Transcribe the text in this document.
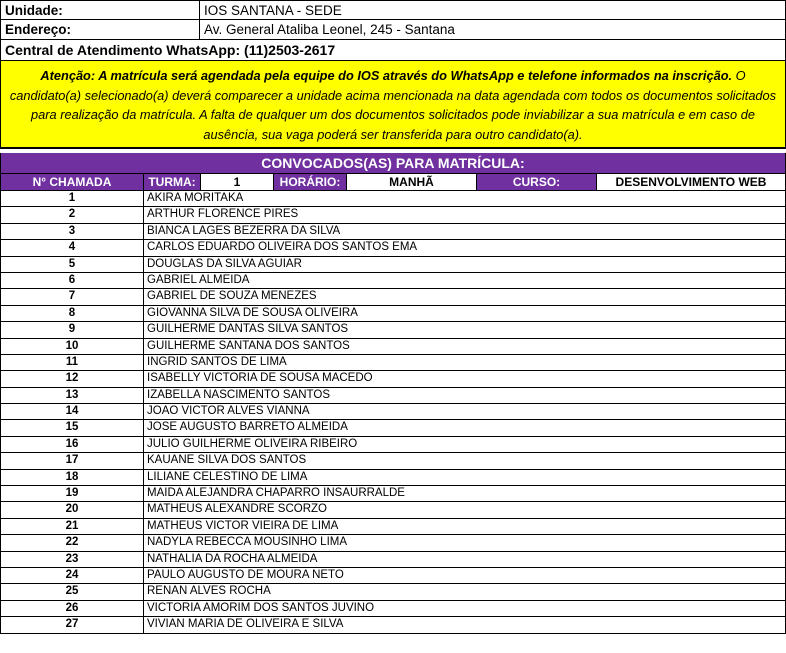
Unidade:	IOS SANTANA - SEDE
Endereço:	Av. General Ataliba Leonel, 245 - Santana
Central de Atendimento WhatsApp: (11)2503-2617
Atenção: A matrícula será agendada pela equipe do IOS através do WhatsApp e telefone informados na inscrição. O candidato(a) selecionado(a) deverá comparecer a unidade acima mencionada na data agendada com todos os documentos solicitados para realização da matrícula. A falta de qualquer um dos documentos solicitados pode inviabilizar a sua matrícula e em caso de ausência, sua vaga poderá ser transferida para outro candidato(a).
CONVOCADOS(AS) PARA MATRÍCULA:
N° CHAMADA	TURMA:	1	HORÁRIO:	MANHÃ	CURSO:	DESENVOLVIMENTO WEB
1	AKIRA MORITAKA
2	ARTHUR FLORENCE PIRES
3	BIANCA LAGES BEZERRA DA SILVA
4	CARLOS EDUARDO OLIVEIRA DOS SANTOS EMA
5	DOUGLAS DA SILVA AGUIAR
6	GABRIEL ALMEIDA
7	GABRIEL DE SOUZA MENEZES
8	GIOVANNA SILVA DE SOUSA OLIVEIRA
9	GUILHERME DANTAS SILVA SANTOS
10	GUILHERME SANTANA DOS SANTOS
11	INGRID SANTOS DE LIMA
12	ISABELLY VICTORIA DE SOUSA MACEDO
13	IZABELLA NASCIMENTO SANTOS
14	JOAO VICTOR ALVES VIANNA
15	JOSE AUGUSTO BARRETO ALMEIDA
16	JULIO GUILHERME OLIVEIRA RIBEIRO
17	KAUANE SILVA DOS SANTOS
18	LILIANE CELESTINO DE LIMA
19	MAIDA ALEJANDRA CHAPARRO INSAURRALDE
20	MATHEUS ALEXANDRE SCORZO
21	MATHEUS VICTOR VIEIRA DE LIMA
22	NADYLA REBECCA MOUSINHO LIMA
23	NATHALIA DA ROCHA ALMEIDA
24	PAULO AUGUSTO DE MOURA NETO
25	RENAN ALVES ROCHA
26	VICTORIA AMORIM DOS SANTOS JUVINO
27	VIVIAN MARIA DE OLIVEIRA E SILVA
